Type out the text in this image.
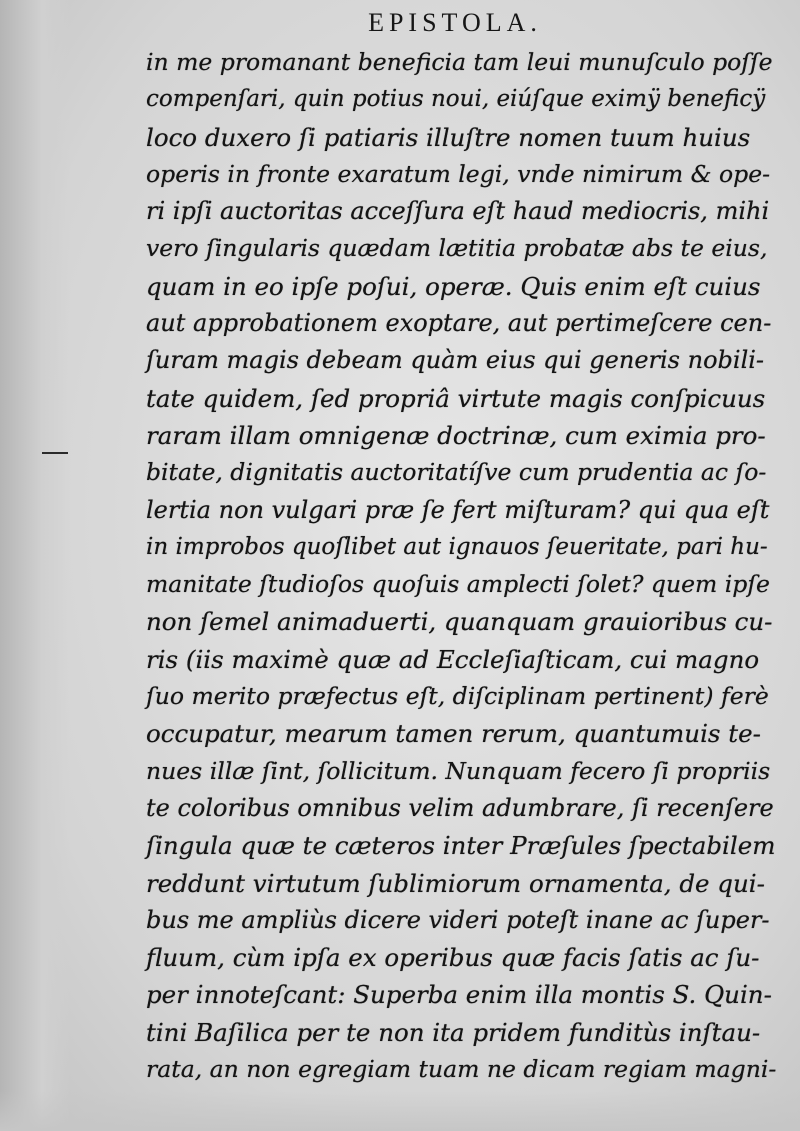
EPISTOLA.
in me promanant beneficia tam leui munuſculo poſſe
compenſari, quin potius noui, eiúſque eximÿ beneficÿ
loco duxero ſi patiaris illuſtre nomen tuum huius
operis in fronte exaratum legi, vnde nimirum & ope-
ri ipſi auctoritas acceſſura eſt haud mediocris, mihi
vero ſingularis quædam lætitia probatæ abs te eius,
quam in eo ipſe poſui, operæ. Quis enim eſt cuius
aut approbationem exoptare, aut pertimeſcere cen-
ſuram magis debeam quàm eius qui generis nobili-
tate quidem, ſed propriâ virtute magis conſpicuus
raram illam omnigenæ doctrinæ, cum eximia pro-
bitate, dignitatis auctoritatíſve cum prudentia ac ſo-
lertia non vulgari præ ſe fert miſturam? qui qua eſt
in improbos quoſlibet aut ignauos ſeueritate, pari hu-
manitate ſtudioſos quoſuis amplecti ſolet? quem ipſe
non ſemel animaduerti, quanquam grauioribus cu-
ris (iis maximè quæ ad Eccleſiaſticam, cui magno
ſuo merito præfectus eſt, diſciplinam pertinent) ferè
occupatur, mearum tamen rerum, quantumuis te-
nues illæ ſint, ſollicitum. Nunquam fecero ſi propriis
te coloribus omnibus velim adumbrare, ſi recenſere
ſingula quæ te cæteros inter Præſules ſpectabilem
reddunt virtutum ſublimiorum ornamenta, de qui-
bus me ampliùs dicere videri poteſt inane ac ſuper-
fluum, cùm ipſa ex operibus quæ facis ſatis ac ſu-
per innoteſcant: Superba enim illa montis S. Quin-
tini Baſilica per te non ita pridem funditùs inſtau-
rata, an non egregiam tuam ne dicam regiam magni-
